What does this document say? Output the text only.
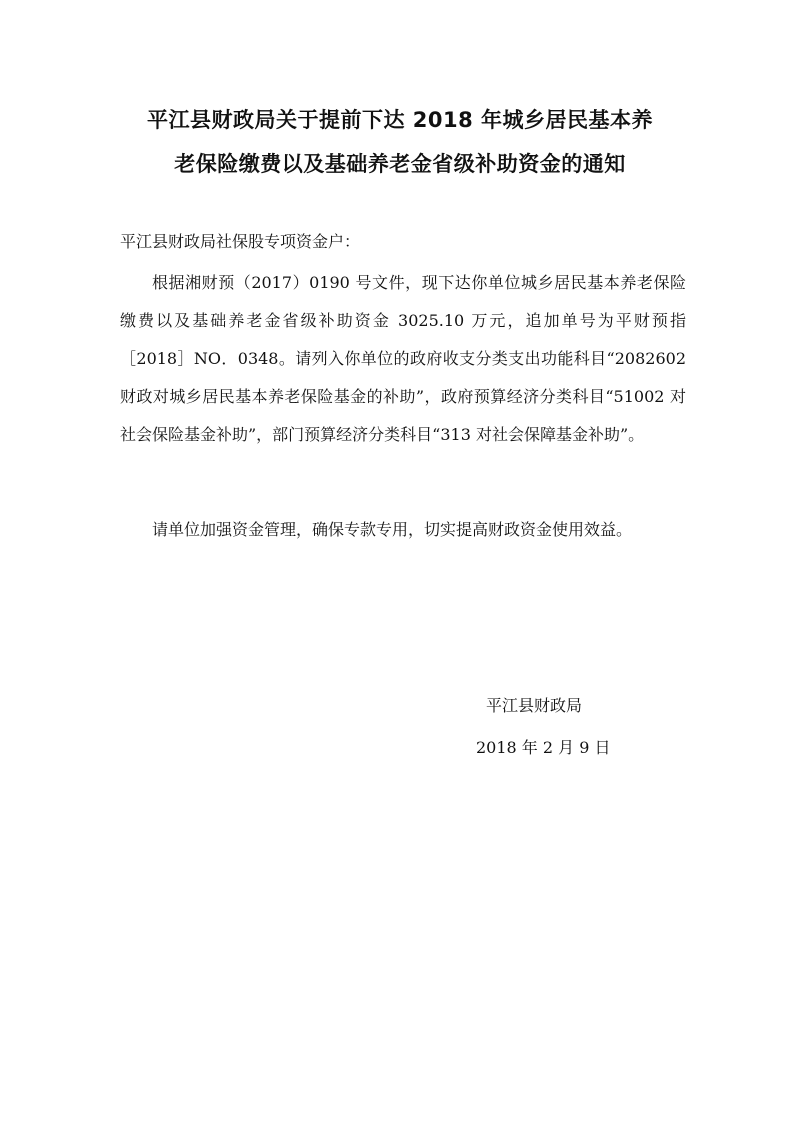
平江县财政局关于提前下达 2018 年城乡居民基本养
老保险缴费以及基础养老金省级补助资金的通知

平江县财政局社保股专项资金户：

根据湘财预（2017）0190 号文件，现下达你单位城乡居民基本养老保险缴费以及基础养老金省级补助资金 3025.10 万元，追加单号为平财预指［2018］NO．0348。请列入你单位的政府收支分类支出功能科目“2082602 财政对城乡居民基本养老保险基金的补助”，政府预算经济分类科目“51002 对社会保险基金补助”，部门预算经济分类科目“313 对社会保障基金补助”。

请单位加强资金管理，确保专款专用，切实提高财政资金使用效益。

平江县财政局

2018 年 2 月 9 日
